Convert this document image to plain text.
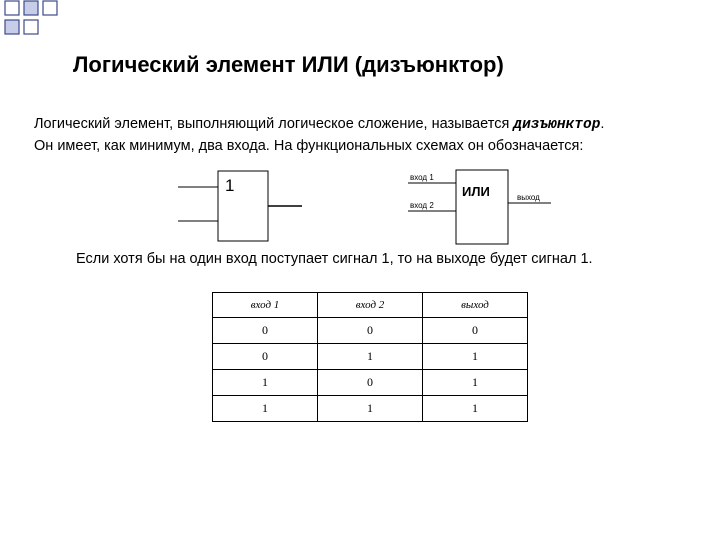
Логический элемент ИЛИ (дизъюнктор)

Логический элемент, выполняющий логическое сложение, называется дизъюнктор.

Он имеет, как минимум, два входа. На функциональных схемах он обозначается:

1	вход 1
вход 2
выход
ИЛИ
Если хотя бы на один вход поступает сигнал 1, то на выходе будет сигнал 1.
вход 1	вход 2	выход
0	0	0
0	1	1
1	0	1
1	1	1
